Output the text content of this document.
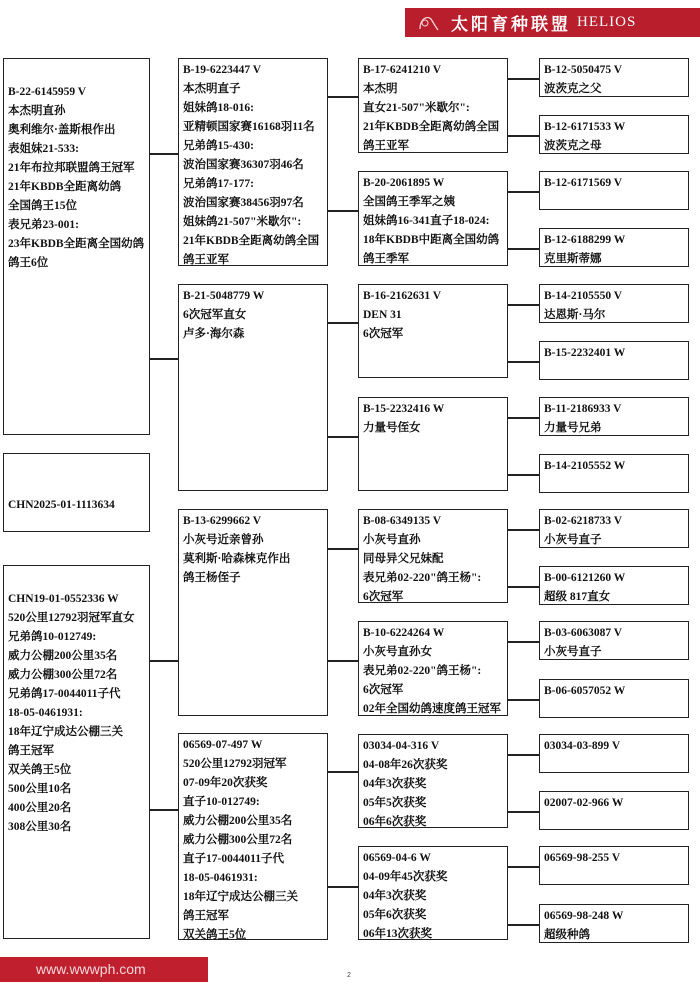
太阳育种联盟 HELIOS
B-22-6145959 V
本杰明直孙
奥利维尔·盖斯根作出
表姐妹21-533:
21年布拉邦联盟鸽王冠军
21年KBDB全距离幼鸽
全国鸽王15位
表兄弟23-001:
23年KBDB全距离全国幼鸽
鸽王6位
CHN2025-01-1113634
CHN19-01-0552336 W
520公里12792羽冠军直女
兄弟鸽10-012749:
威力公棚200公里35名
威力公棚300公里72名
兄弟鸽17-0044011子代
18-05-0461931:
18年辽宁成达公棚三关
鸽王冠军
双关鸽王5位
500公里10名
400公里20名
308公里30名
B-19-6223447 V
本杰明直子
姐妹鸽18-016:
亚精顿国家赛16168羽11名
兄弟鸽15-430:
波治国家赛36307羽46名
兄弟鸽17-177:
波治国家赛38456羽97名
姐妹鸽21-507"米歇尔":
21年KBDB全距离幼鸽全国
鸽王亚军
B-21-5048779 W
6次冠军直女
卢多·海尔森
B-13-6299662 V
小灰号近亲曾孙
莫利斯·哈森梾克作出
鸽王杨侄子
06569-07-497 W
520公里12792羽冠军
07-09年20次获奖
直子10-012749:
威力公棚200公里35名
威力公棚300公里72名
直子17-0044011子代
18-05-0461931:
18年辽宁成达公棚三关
鸽王冠军
双关鸽王5位
B-17-6241210 V
本杰明
直女21-507"米歇尔":
21年KBDB全距离幼鸽全国
鸽王亚军
B-20-2061895 W
全国鸽王季军之姨
姐妹鸽16-341直子18-024:
18年KBDB中距离全国幼鸽
鸽王季军
B-16-2162631 V
DEN 31
6次冠军
B-15-2232416 W
力量号侄女
B-08-6349135 V
小灰号直孙
同母异父兄妹配
表兄弟02-220"鸽王杨":
6次冠军
B-10-6224264 W
小灰号直孙女
表兄弟02-220"鸽王杨":
6次冠军
02年全国幼鸽速度鸽王冠军
03034-04-316 V
04-08年26次获奖
04年3次获奖
05年5次获奖
06年6次获奖
06569-04-6 W
04-09年45次获奖
04年3次获奖
05年6次获奖
06年13次获奖
B-12-5050475 V
波茨克之父
B-12-6171533 W
波茨克之母
B-12-6171569 V
B-12-6188299 W
克里斯蒂娜
B-14-2105550 V
达恩斯·马尔
B-15-2232401 W
B-11-2186933 V
力量号兄弟
B-14-2105552 W
B-02-6218733 V
小灰号直子
B-00-6121260 W
超级 817直女
B-03-6063087 V
小灰号直子
B-06-6057052 W
03034-03-899 V
02007-02-966 W
06569-98-255 V
06569-98-248 W
超级种鸽
www.wwwph.com	2
